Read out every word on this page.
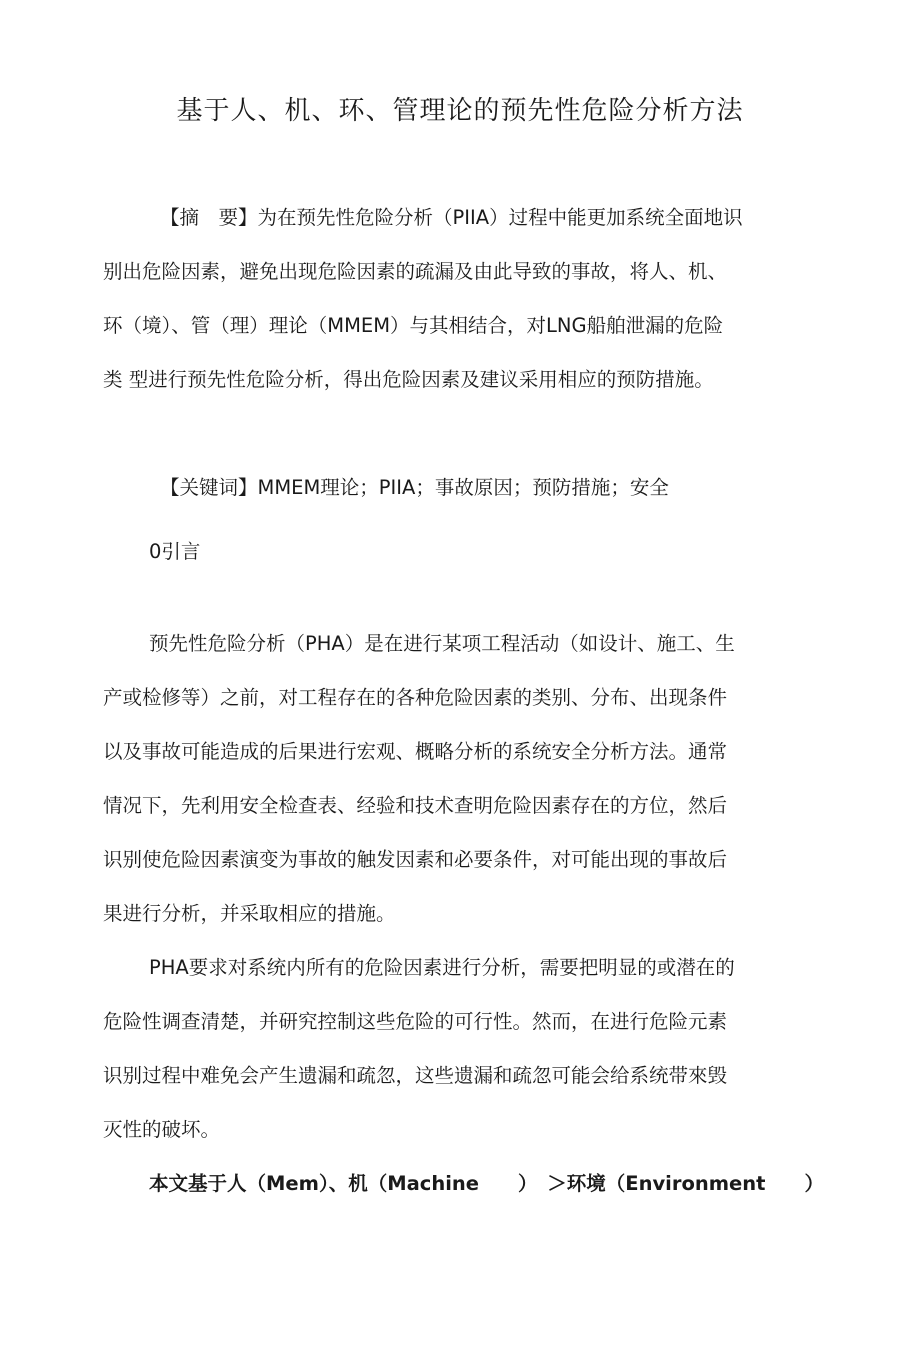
基于人、机、环、管理论的预先性危险分析方法

【摘　要】为在预先性危险分析（PIIA）过程中能更加系统全面地识

别出危险因素，避免出现危险因素的疏漏及由此导致的事故，将人、机、

环（境）、管（理）理论（MMEM）与其相结合，对LNG船舶泄漏的危险

类 型进行预先性危险分析，得出危险因素及建议采用相应的预防措施。

【关键词】MMEM理论；PIIA；事故原因；预防措施；安全

0引言

预先性危险分析（PHA）是在进行某项工程活动（如设计、施工、生

产或检修等）之前，对工程存在的各种危险因素的类别、分布、出现条件

以及事故可能造成的后果进行宏观、概略分析的系统安全分析方法。通常

情况下，先利用安全检查表、经验和技术查明危险因素存在的方位，然后

识别使危险因素演变为事故的触发因素和必要条件，对可能出现的事故后

果进行分析，并采取相应的措施。

PHA要求对系统内所有的危险因素进行分析，需要把明显的或潜在的

危险性调查清楚，并研究控制这些危险的可行性。然而，在进行危险元素

识别过程中难免会产生遗漏和疏忽，这些遗漏和疏忽可能会给系统带來毁

灭性的破坏。

本文基于人（Mem）、机（Machine　　）　＞环境（Environment　　）
